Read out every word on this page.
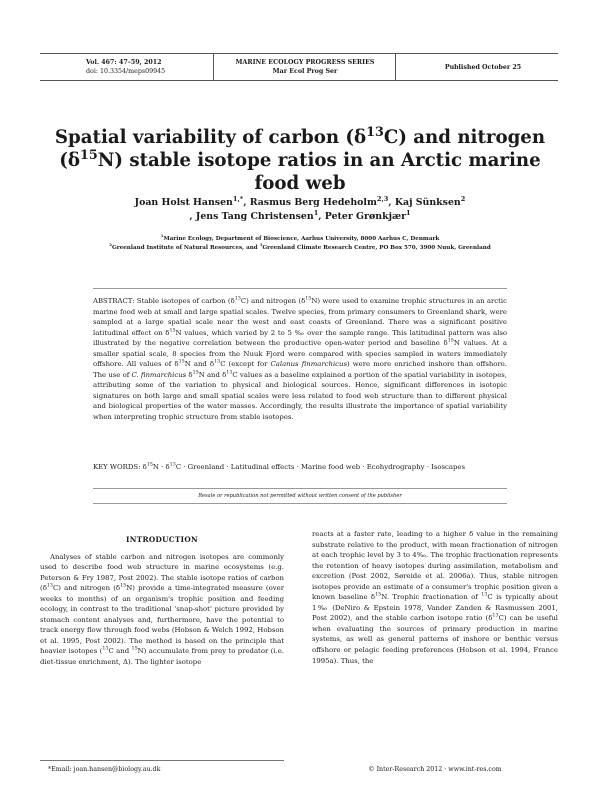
Vol. 467: 47–59, 2012
doi: 10.3354/meps09945
MARINE ECOLOGY PROGRESS SERIES
Mar Ecol Prog Ser
Published October 25
Spatial variability of carbon $(\delta^{13}C)$ and nitrogen $(\delta^{15}N)$ stable isotope ratios in an Arctic marine food web
Joan Holst Hansen$^{1,*}$, Rasmus Berg Hedeholm$^{2,3}$, Kaj Sünksen$^2$
, Jens Tang Christensen$^1$, Peter Grønkjær$^1$
$^1$Marine Ecology, Department of Bioscience, Aarhus University, 8000 Aarhus C, Denmark
$^2$Greenland Institute of Natural Resources, and $^3$Greenland Climate Research Centre, PO Box 570, 3900 Nuuk, Greenland
ABSTRACT: Stable isotopes of carbon $(\delta^{13}C)$ and nitrogen $(\delta^{15}N)$ were used to examine trophic structures in an arctic marine food web at small and large spatial scales. Twelve species, from primary consumers to Greenland shark, were sampled at a large spatial scale near the west and east coasts of Greenland. There was a significant positive latitudinal effect on $\delta^{15}N$ values, which varied by 2 to 5 ‰ over the sample range. This latitudinal pattern was also illustrated by the negative correlation between the productive open-water period and baseline $\delta^{15}N$ values. At a smaller spatial scale, 8 species from the Nuuk Fjord were compared with species sampled in waters immediately offshore. All values of $\delta^{15}N$ and $\delta^{13}C$ (except for Calanus finmarchicus) were more enriched inshore than offshore. The use of C. finmarchicus $\delta^{15}N$ and $\delta^{13}C$ values as a baseline explained a portion of the spatial variability in isotopes, attributing some of the variation to physical and biological sources. Hence, significant differences in isotopic signatures on both large and small spatial scales were less related to food web structure than to different physical and biological properties of the water masses. Accordingly, the results illustrate the importance of spatial variability when interpreting trophic structure from stable isotopes.
KEY WORDS: $\delta^{15}N \cdot \delta^{13}C$ · Greenland · Latitudinal effects · Marine food web · Ecohydrography · Isoscapes
Resale or republication not permitted without written consent of the publisher

INTRODUCTION

Analyses of stable carbon and nitrogen isotopes are commonly used to describe food web structure in marine ecosystems (e.g. Peterson & Fry 1987, Post 2002). The stable isotope ratios of carbon $(\delta^{13}C)$ and nitrogen $(\delta^{15}N)$ provide a time-integrated measure (over weeks to months) of an organism's trophic position and feeding ecology, in contrast to the traditional 'snap-shot' picture provided by stomach content analyses and, furthermore, have the potential to track energy flow through food webs (Hobson & Welch 1992, Hobson et al. 1995, Post 2002). The method is based on the principle that heavier isotopes ($^{13}$C and $^{15}$N) accumulate from prey to predator (i.e. diet-tissue enrichment, Δ). The lighter isotope

reacts at a faster rate, leading to a higher δ value in the remaining substrate relative to the product, with mean fractionation of nitrogen at each trophic level by 3 to 4‰. The trophic fractionation represents the retention of heavy isotopes during assimilation, metabolism and excretion (Post 2002, Søreide et al. 2006a). Thus, stable nitrogen isotopes provide an estimate of a consumer's trophic position given a known baseline $\delta^{15}N$. Trophic fractionation of $^{13}$C is typically about 1‰ (DeNiro & Epstein 1978, Vander Zanden & Rasmussen 2001, Post 2002), and the stable carbon isotope ratio $(\delta^{13}C)$ can be useful when evaluating the sources of primary production in marine systems, as well as general patterns of inshore or benthic versus offshore or pelagic feeding preferences (Hobson et al. 1994, France 1995a). Thus, the

*Email: joan.hansen@biology.au.dk	© Inter-Research 2012 · www.int-res.com
